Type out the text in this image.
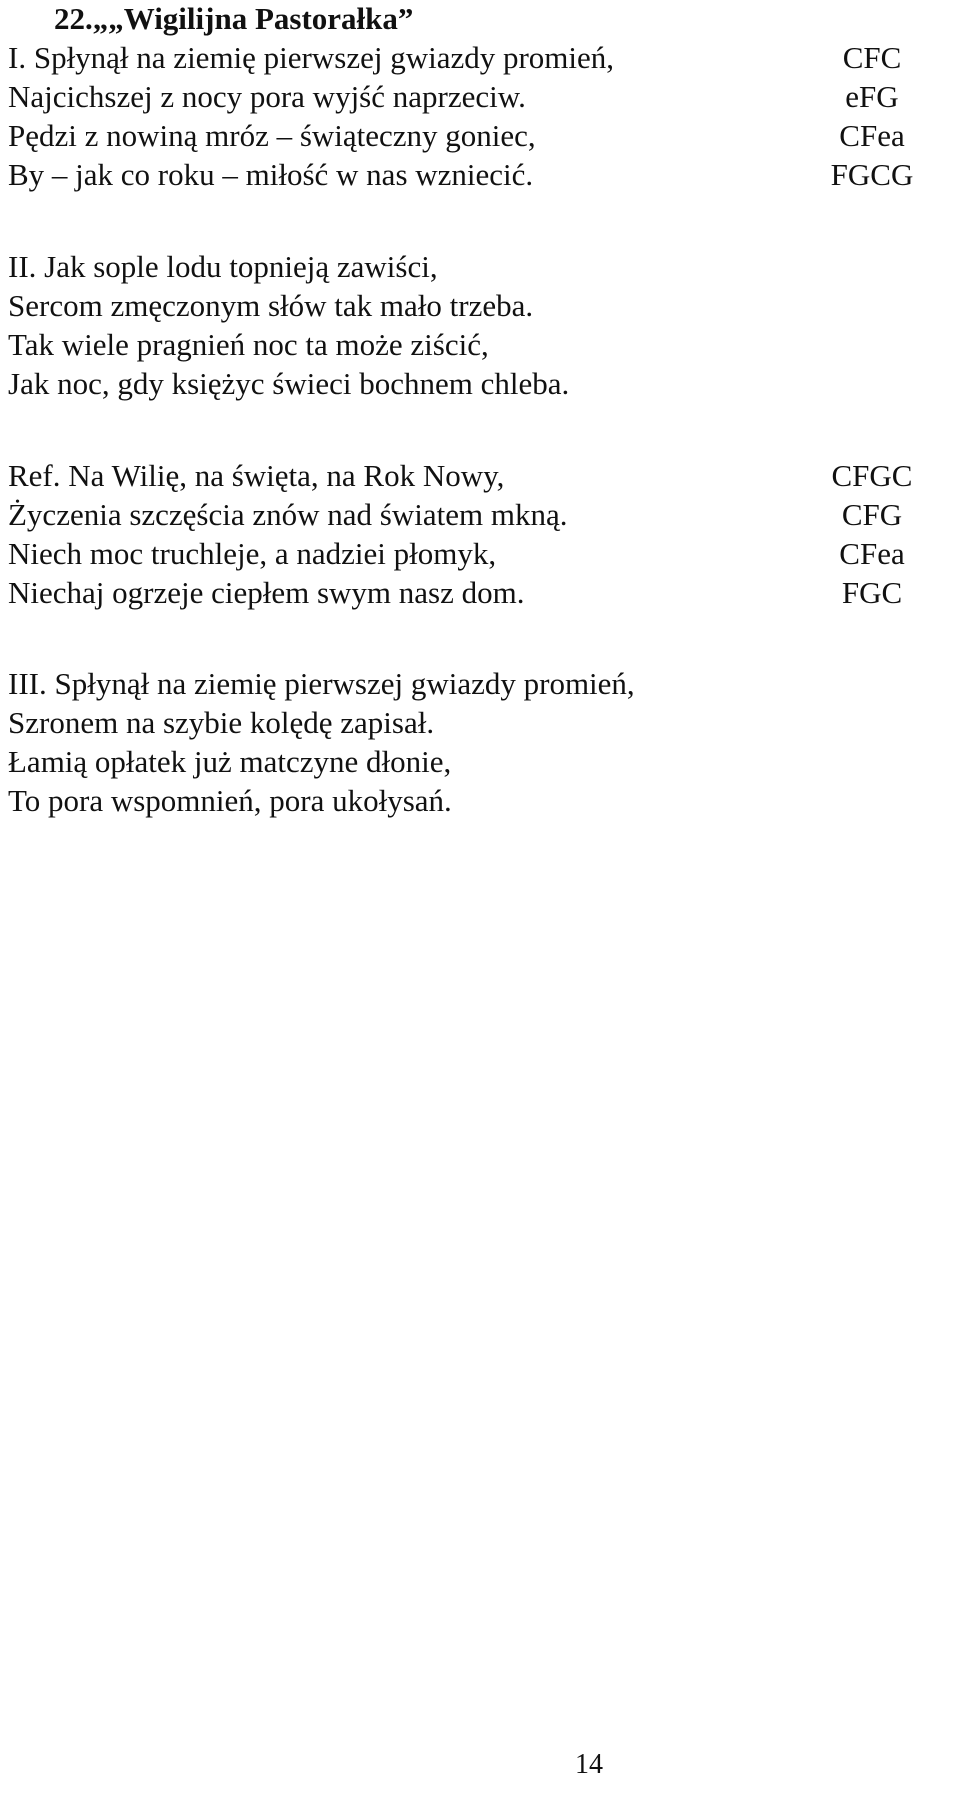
22.„„Wigilijna Pastorałka”
I. Spłynął na ziemię pierwszej gwiazdy promień,	CFC
Najcichszej z nocy pora wyjść naprzeciw.	eFG
Pędzi z nowiną mróz – świąteczny goniec,	CFea
By – jak co roku – miłość w nas wzniecić.	FGCG
II. Jak sople lodu topnieją zawiści,
Sercom zmęczonym słów tak mało trzeba.
Tak wiele pragnień noc ta może ziścić,
Jak noc, gdy księżyc świeci bochnem chleba.
Ref. Na Wilię, na święta, na Rok Nowy,	CFGC
Życzenia szczęścia znów nad światem mkną.	CFG
Niech moc truchleje, a nadziei płomyk,	CFea
Niechaj ogrzeje ciepłem swym nasz dom.	FGC
III. Spłynął na ziemię pierwszej gwiazdy promień,
Szronem na szybie kolędę zapisał.
Łamią opłatek już matczyne dłonie,
To pora wspomnień, pora ukołysań.
14
